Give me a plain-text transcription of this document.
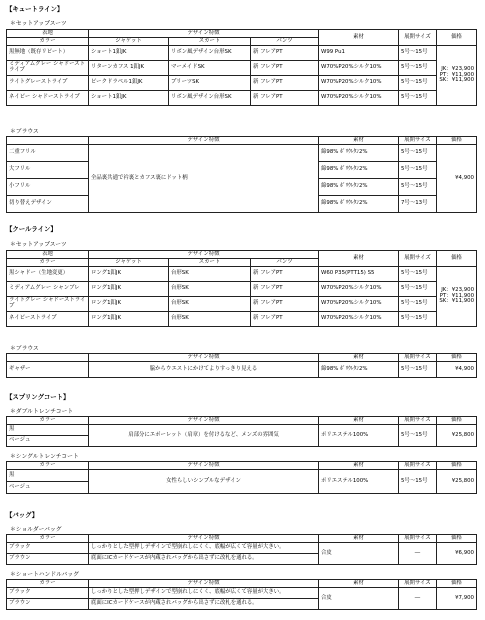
【キュートライン】
＊セットアップスーツ
表地	デザイン特徴			素材	展開サイズ	価格
カラー	ジャケット	スカート	パンツ			
黒無地（既存リピート）	ショート1釦JK	リボン風デザイン台形SK	新 フレアPT	W99 Pu1	5号～15号	JK：¥23,900
PT：¥11,900
SK：¥11,900

ミディアムグレー シャドーストライプ	リターンカフス 1釦JK	マーメイドSK	新 フレアPT	W70%P20%シルク10%	5号～15号	
ライトグレーストライプ	ピークドラペル1釦JK	プリーツSK	新 フレアPT	W70%P20%シルク10%	5号～15号	
ネイビー シャドーストライプ	ショート1釦JK	リボン風デザイン台形SK	新 フレアPT	W70%P20%シルク10%	5号～15号	
＊ブラウス
	デザイン特徴	素材	展開サイズ	価格
二重フリル	全品裏共通で衿裏とカフス裏にドット柄	綿98% ﾎﾟﾘｳﾚﾀﾝ2%	5号～15号	¥4,900
大フリル		綿98% ﾎﾟﾘｳﾚﾀﾝ2%	5号～15号	
小フリル		綿98% ﾎﾟﾘｳﾚﾀﾝ2%	5号～15号	
切り替えデザイン		綿98% ﾎﾟﾘｳﾚﾀﾝ2%	7号～13号	
【クールライン】
＊セットアップスーツ
表地	デザイン特徴			素材	展開サイズ	価格
カラー	ジャケット	スカート	パンツ			
黒シャドー（生地変更）	ロング1釦JK	台形SK	新 フレアPT	W60 P35(PTT15) S5	5号～15号	JK：¥23,900
PT：¥11,900
SK：¥11,900

ミディアムグレー シャンブレ	ロング1釦JK	台形SK	新 フレアPT	W70%P20%シルク10%	5号～15号	
ライトグレー シャドーストライプ	ロング1釦JK	台形SK	新 フレアPT	W70%P20%シルク10%	5号～15号	
ネイビーストライプ	ロング1釦JK	台形SK	新 フレアPT	W70%P20%シルク10%	5号～15号	
＊ブラウス
	デザイン特徴	素材	展開サイズ	価格
ギャザー	脇からウエストにかけてよりすっきり見える	綿98% ﾎﾟﾘｳﾚﾀﾝ2%	5号～15号	¥4,900
【スプリングコート】
＊ダブルトレンチコート
カラー	デザイン特徴	素材	展開サイズ	価格
黒	肩部分にエポーレット（肩章）を付けるなど、メンズの雰囲気	ポリエステル100%	5号～15号	¥25,800
ベージュ				
＊シングルトレンチコート
カラー	デザイン特徴	素材	展開サイズ	価格
黒	女性らしいシンプルなデザイン	ポリエステル100%	5号～15号	¥25,800
ベージュ				
【バッグ】
＊ショルダーバッグ
カラー	デザイン特徴	素材	展開サイズ	価格
ブラック	しっかりとした型押しデザインで型崩れしにくく、底幅が広くて容量が大きい。	合皮	―	¥6,900
ブラウン	底面にICカードケースが内蔵されバッグから出さずに改札を通れる。			
＊ショートハンドルバッグ
カラー	デザイン特徴	素材	展開サイズ	価格
ブラック	しっかりとした型押しデザインで型崩れしにくく、底幅が広くて容量が大きい。	合皮	―	¥7,900
ブラウン	底面にICカードケースが内蔵されバッグから出さずに改札を通れる。			
